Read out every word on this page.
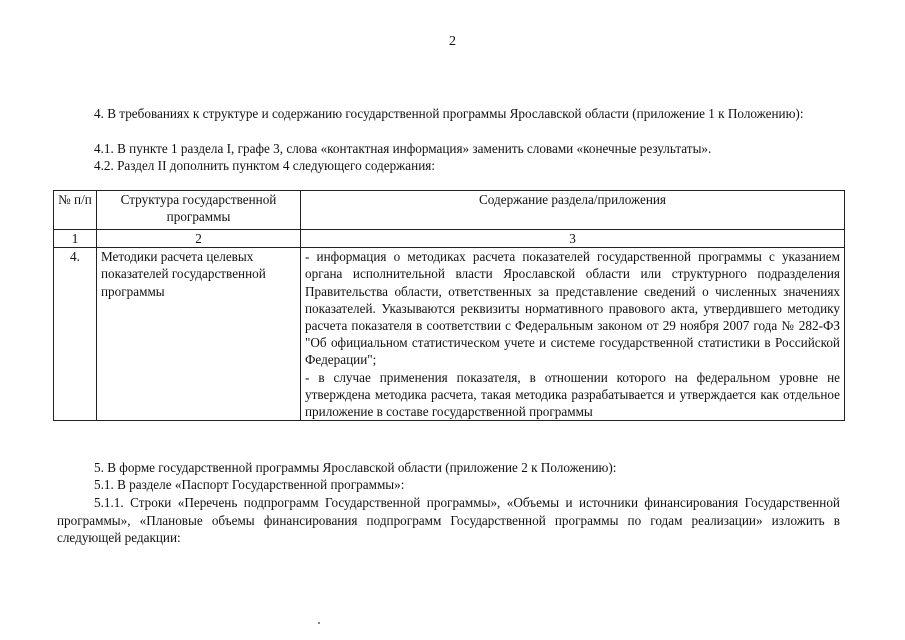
2

4. В требованиях к структуре и содержанию государственной программы Ярославской области (приложение 1 к Положению):

4.1. В пункте 1 раздела I, графе 3, слова «контактная информация» заменить словами «конечные результаты».

4.2. Раздел II дополнить пунктом 4 следующего содержания:

№ п/п	Структура государственной программы	Содержание раздела/приложения
1	2	3
4.	Методики расчета целевых показателей государственной программы	- информация о методиках расчета показателей государственной программы с указанием органа исполнительной власти Ярославской области или структурного подразделения Правительства области, ответственных за представление сведений о численных значениях показателей. Указываются реквизиты нормативного правового акта, утвердившего методику расчета показателя в соответствии с Федеральным законом от 29 ноября 2007 года № 282-ФЗ "Об официальном статистическом учете и системе государственной статистики в Российской Федерации";
- в случае применения показателя, в отношении которого на федеральном уровне не утверждена методика расчета, такая методика разрабатывается и утверждается как отдельное приложение в составе государственной программы

5. В форме государственной программы Ярославской области (приложение 2 к Положению):

5.1. В разделе «Паспорт Государственной программы»:

5.1.1. Строки «Перечень подпрограмм Государственной программы», «Объемы и источники финансирования Государственной программы», «Плановые объемы финансирования подпрограмм Государственной программы по годам реализации» изложить в следующей редакции:
